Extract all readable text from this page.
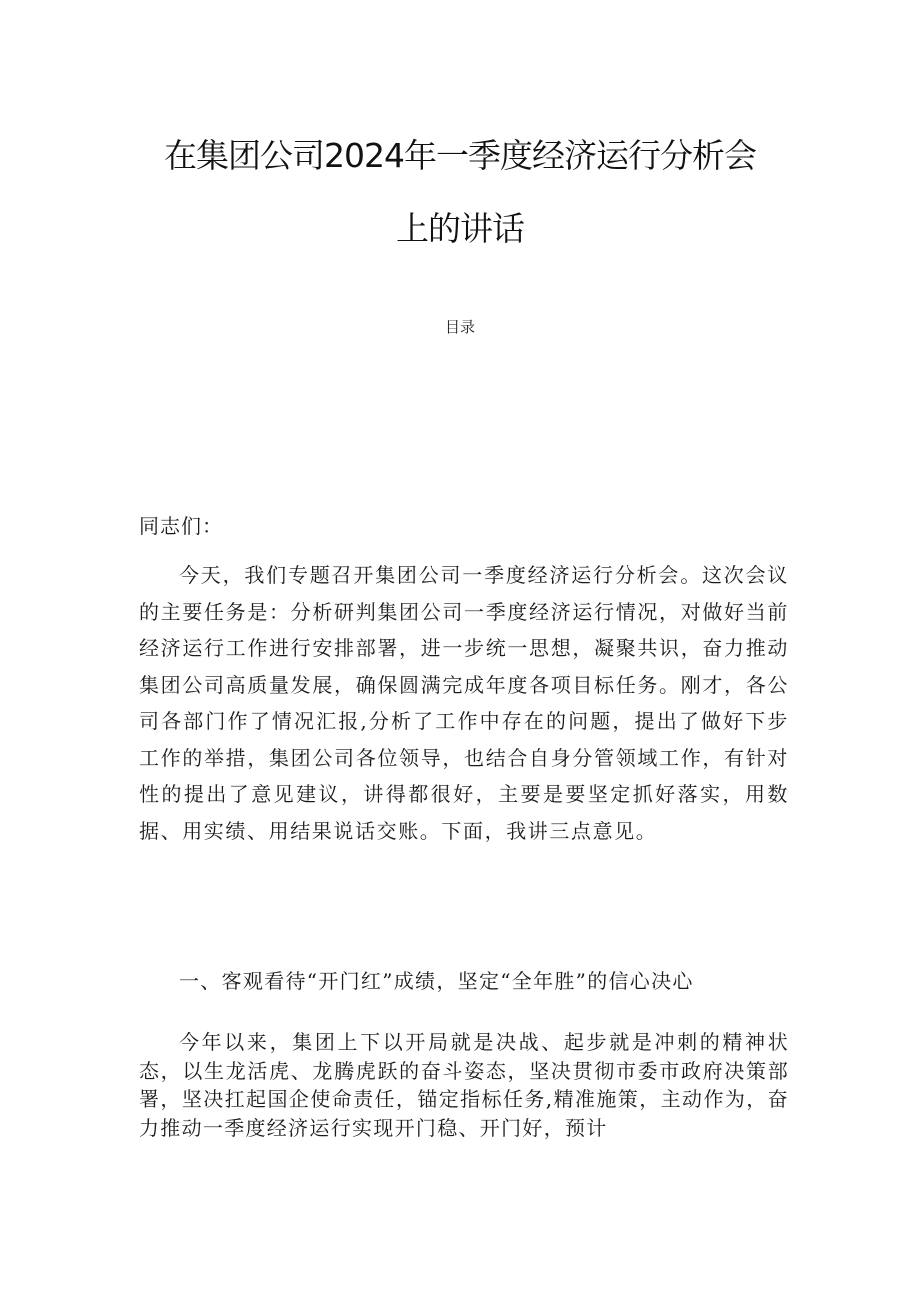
在集团公司2024年一季度经济运行分析会
上的讲话
目录
同志们：
今天，我们专题召开集团公司一季度经济运行分析会。这次会议的主要任务是：分析研判集团公司一季度经济运行情况，对做好当前经济运行工作进行安排部署，进一步统一思想，凝聚共识，奋力推动集团公司高质量发展，确保圆满完成年度各项目标任务。刚才，各公司各部门作了情况汇报,分析了工作中存在的问题，提出了做好下步工作的举措，集团公司各位领导，也结合自身分管领域工作，有针对性的提出了意见建议，讲得都很好，主要是要坚定抓好落实，用数据、用实绩、用结果说话交账。下面，我讲三点意见。
一、客观看待“开门红”成绩，坚定“全年胜”的信心决心
今年以来，集团上下以开局就是决战、起步就是冲刺的精神状态，以生龙活虎、龙腾虎跃的奋斗姿态，坚决贯彻市委市政府决策部署，坚决扛起国企使命责任，锚定指标任务,精准施策，主动作为，奋力推动一季度经济运行实现开门稳、开门好，预计
